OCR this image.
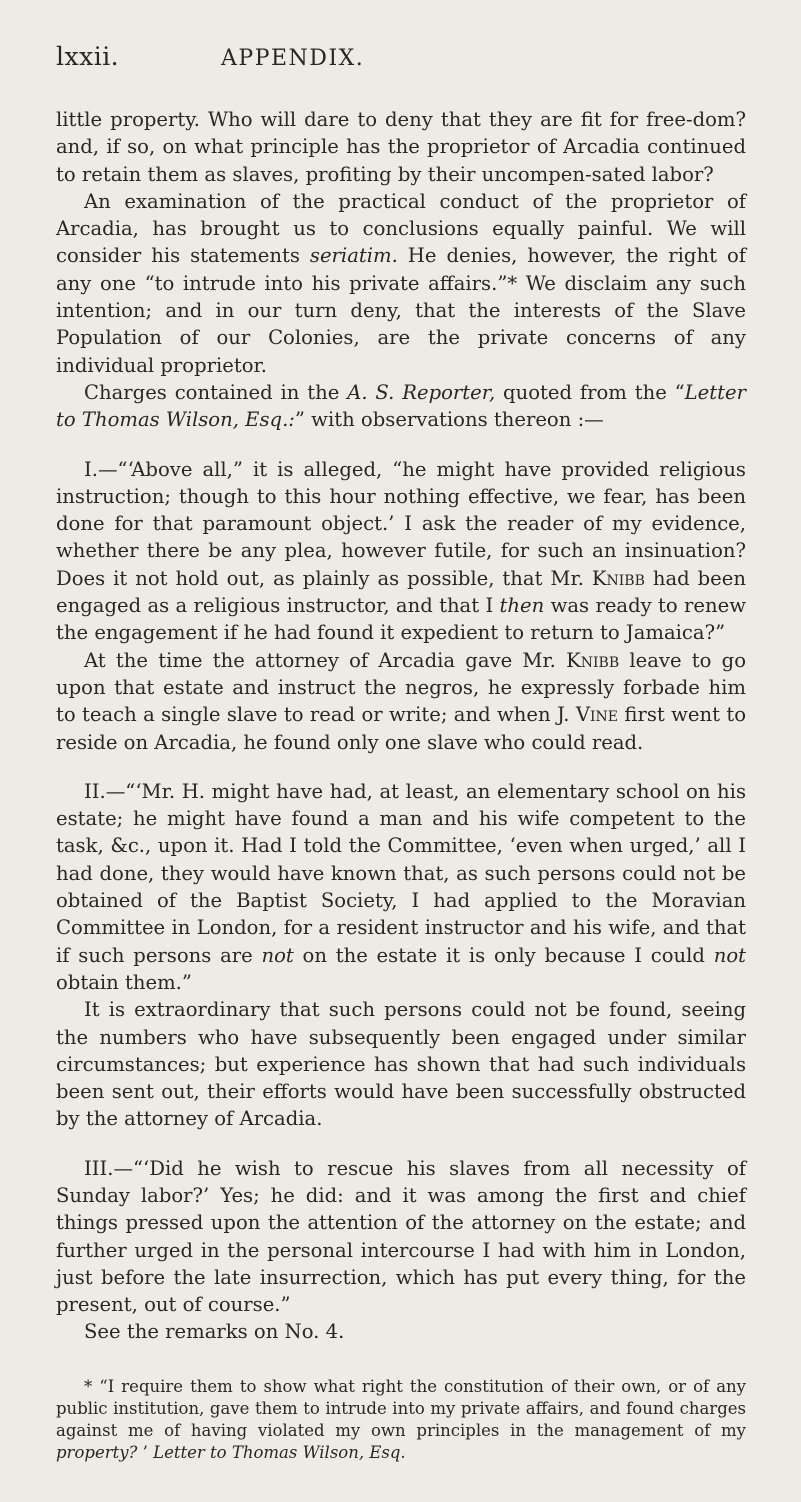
lxxii.	APPENDIX.

little property. Who will dare to deny that they are fit for free-dom? and, if so, on what principle has the proprietor of Arcadia continued to retain them as slaves, profiting by their uncompen-sated labor?

An examination of the practical conduct of the proprietor of Arcadia, has brought us to conclusions equally painful. We will consider his statements seriatim. He denies, however, the right of any one “to intrude into his private affairs.”* We disclaim any such intention; and in our turn deny, that the interests of the Slave Population of our Colonies, are the private concerns of any individual proprietor.

Charges contained in the A. S. Reporter, quoted from the “Letter to Thomas Wilson, Esq.:” with observations thereon :—

I.—“‘Above all,” it is alleged, “he might have provided religious instruction; though to this hour nothing effective, we fear, has been done for that paramount object.’ I ask the reader of my evidence, whether there be any plea, however futile, for such an insinuation? Does it not hold out, as plainly as possible, that Mr. Knibb had been engaged as a religious instructor, and that I then was ready to renew the engagement if he had found it expedient to return to Jamaica?”

At the time the attorney of Arcadia gave Mr. Knibb leave to go upon that estate and instruct the negros, he expressly forbade him to teach a single slave to read or write; and when J. Vine first went to reside on Arcadia, he found only one slave who could read.

II.—“‘Mr. H. might have had, at least, an elementary school on his estate; he might have found a man and his wife competent to the task, &c., upon it. Had I told the Committee, ‘even when urged,’ all I had done, they would have known that, as such persons could not be obtained of the Baptist Society, I had applied to the Moravian Committee in London, for a resident instructor and his wife, and that if such persons are not on the estate it is only because I could not obtain them.”

It is extraordinary that such persons could not be found, seeing the numbers who have subsequently been engaged under similar circumstances; but experience has shown that had such individuals been sent out, their efforts would have been successfully obstructed by the attorney of Arcadia.

III.—“‘Did he wish to rescue his slaves from all necessity of Sunday labor?’ Yes; he did: and it was among the first and chief things pressed upon the attention of the attorney on the estate; and further urged in the personal intercourse I had with him in London, just before the late insurrection, which has put every thing, for the present, out of course.”

See the remarks on No. 4.

* “I require them to show what right the constitution of their own, or of any public institution, gave them to intrude into my private affairs, and found charges against me of having violated my own principles in the management of my property? ’ Letter to Thomas Wilson, Esq.
